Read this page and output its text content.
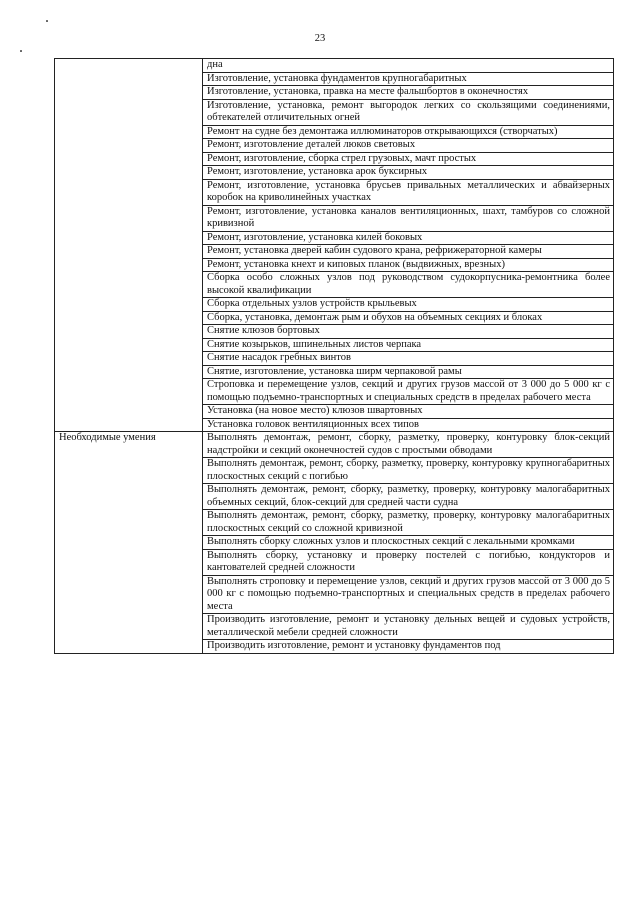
23
	дна
	Изготовление, установка фундаментов крупногабаритных
	Изготовление, установка, правка на месте фальшбортов в оконечностях
	Изготовление, установка, ремонт выгородок легких со скользящими соединениями, обтекателей отличительных огней
	Ремонт на судне без демонтажа иллюминаторов открывающихся (створчатых)
	Ремонт, изготовление деталей люков световых
	Ремонт, изготовление, сборка стрел грузовых, мачт простых
	Ремонт, изготовление, установка арок буксирных
	Ремонт, изготовление, установка брусьев привальных металлических и абвайзерных коробок на криволинейных участках
	Ремонт, изготовление, установка каналов вентиляционных, шахт, тамбуров со сложной кривизной
	Ремонт, изготовление, установка килей боковых
	Ремонт, установка дверей кабин судового крана, рефрижераторной камеры
	Ремонт, установка кнехт и киповых планок (выдвижных, врезных)
	Сборка особо сложных узлов под руководством судокорпусника-ремонтника более высокой квалификации
	Сборка отдельных узлов устройств крыльевых
	Сборка, установка, демонтаж рым и обухов на объемных секциях и блоках
	Снятие клюзов бортовых
	Снятие козырьков, шпинельных листов черпака
	Снятие насадок гребных винтов
	Снятие, изготовление, установка ширм черпаковой рамы
	Строповка и перемещение узлов, секций и других грузов массой от 3 000 до 5 000 кг с помощью подъемно-транспортных и специальных средств в пределах рабочего места
	Установка (на новое место) клюзов швартовных
	Установка головок вентиляционных всех типов
Необходимые умения	Выполнять демонтаж, ремонт, сборку, разметку, проверку, контуровку блок-секций надстройки и секций оконечностей судов с простыми обводами
	Выполнять демонтаж, ремонт, сборку, разметку, проверку, контуровку крупногабаритных плоскостных секций с погибью
	Выполнять демонтаж, ремонт, сборку, разметку, проверку, контуровку малогабаритных объемных секций, блок-секций для средней части судна
	Выполнять демонтаж, ремонт, сборку, разметку, проверку, контуровку малогабаритных плоскостных секций со сложной кривизной
	Выполнять сборку сложных узлов и плоскостных секций с лекальными кромками
	Выполнять сборку, установку и проверку постелей с погибью, кондукторов и кантователей средней сложности
	Выполнять строповку и перемещение узлов, секций и других грузов массой от 3 000 до 5 000 кг с помощью подъемно-транспортных и специальных средств в пределах рабочего места
	Производить изготовление, ремонт и установку дельных вещей и судовых устройств, металлической мебели средней сложности
	Производить изготовление, ремонт и установку фундаментов под
